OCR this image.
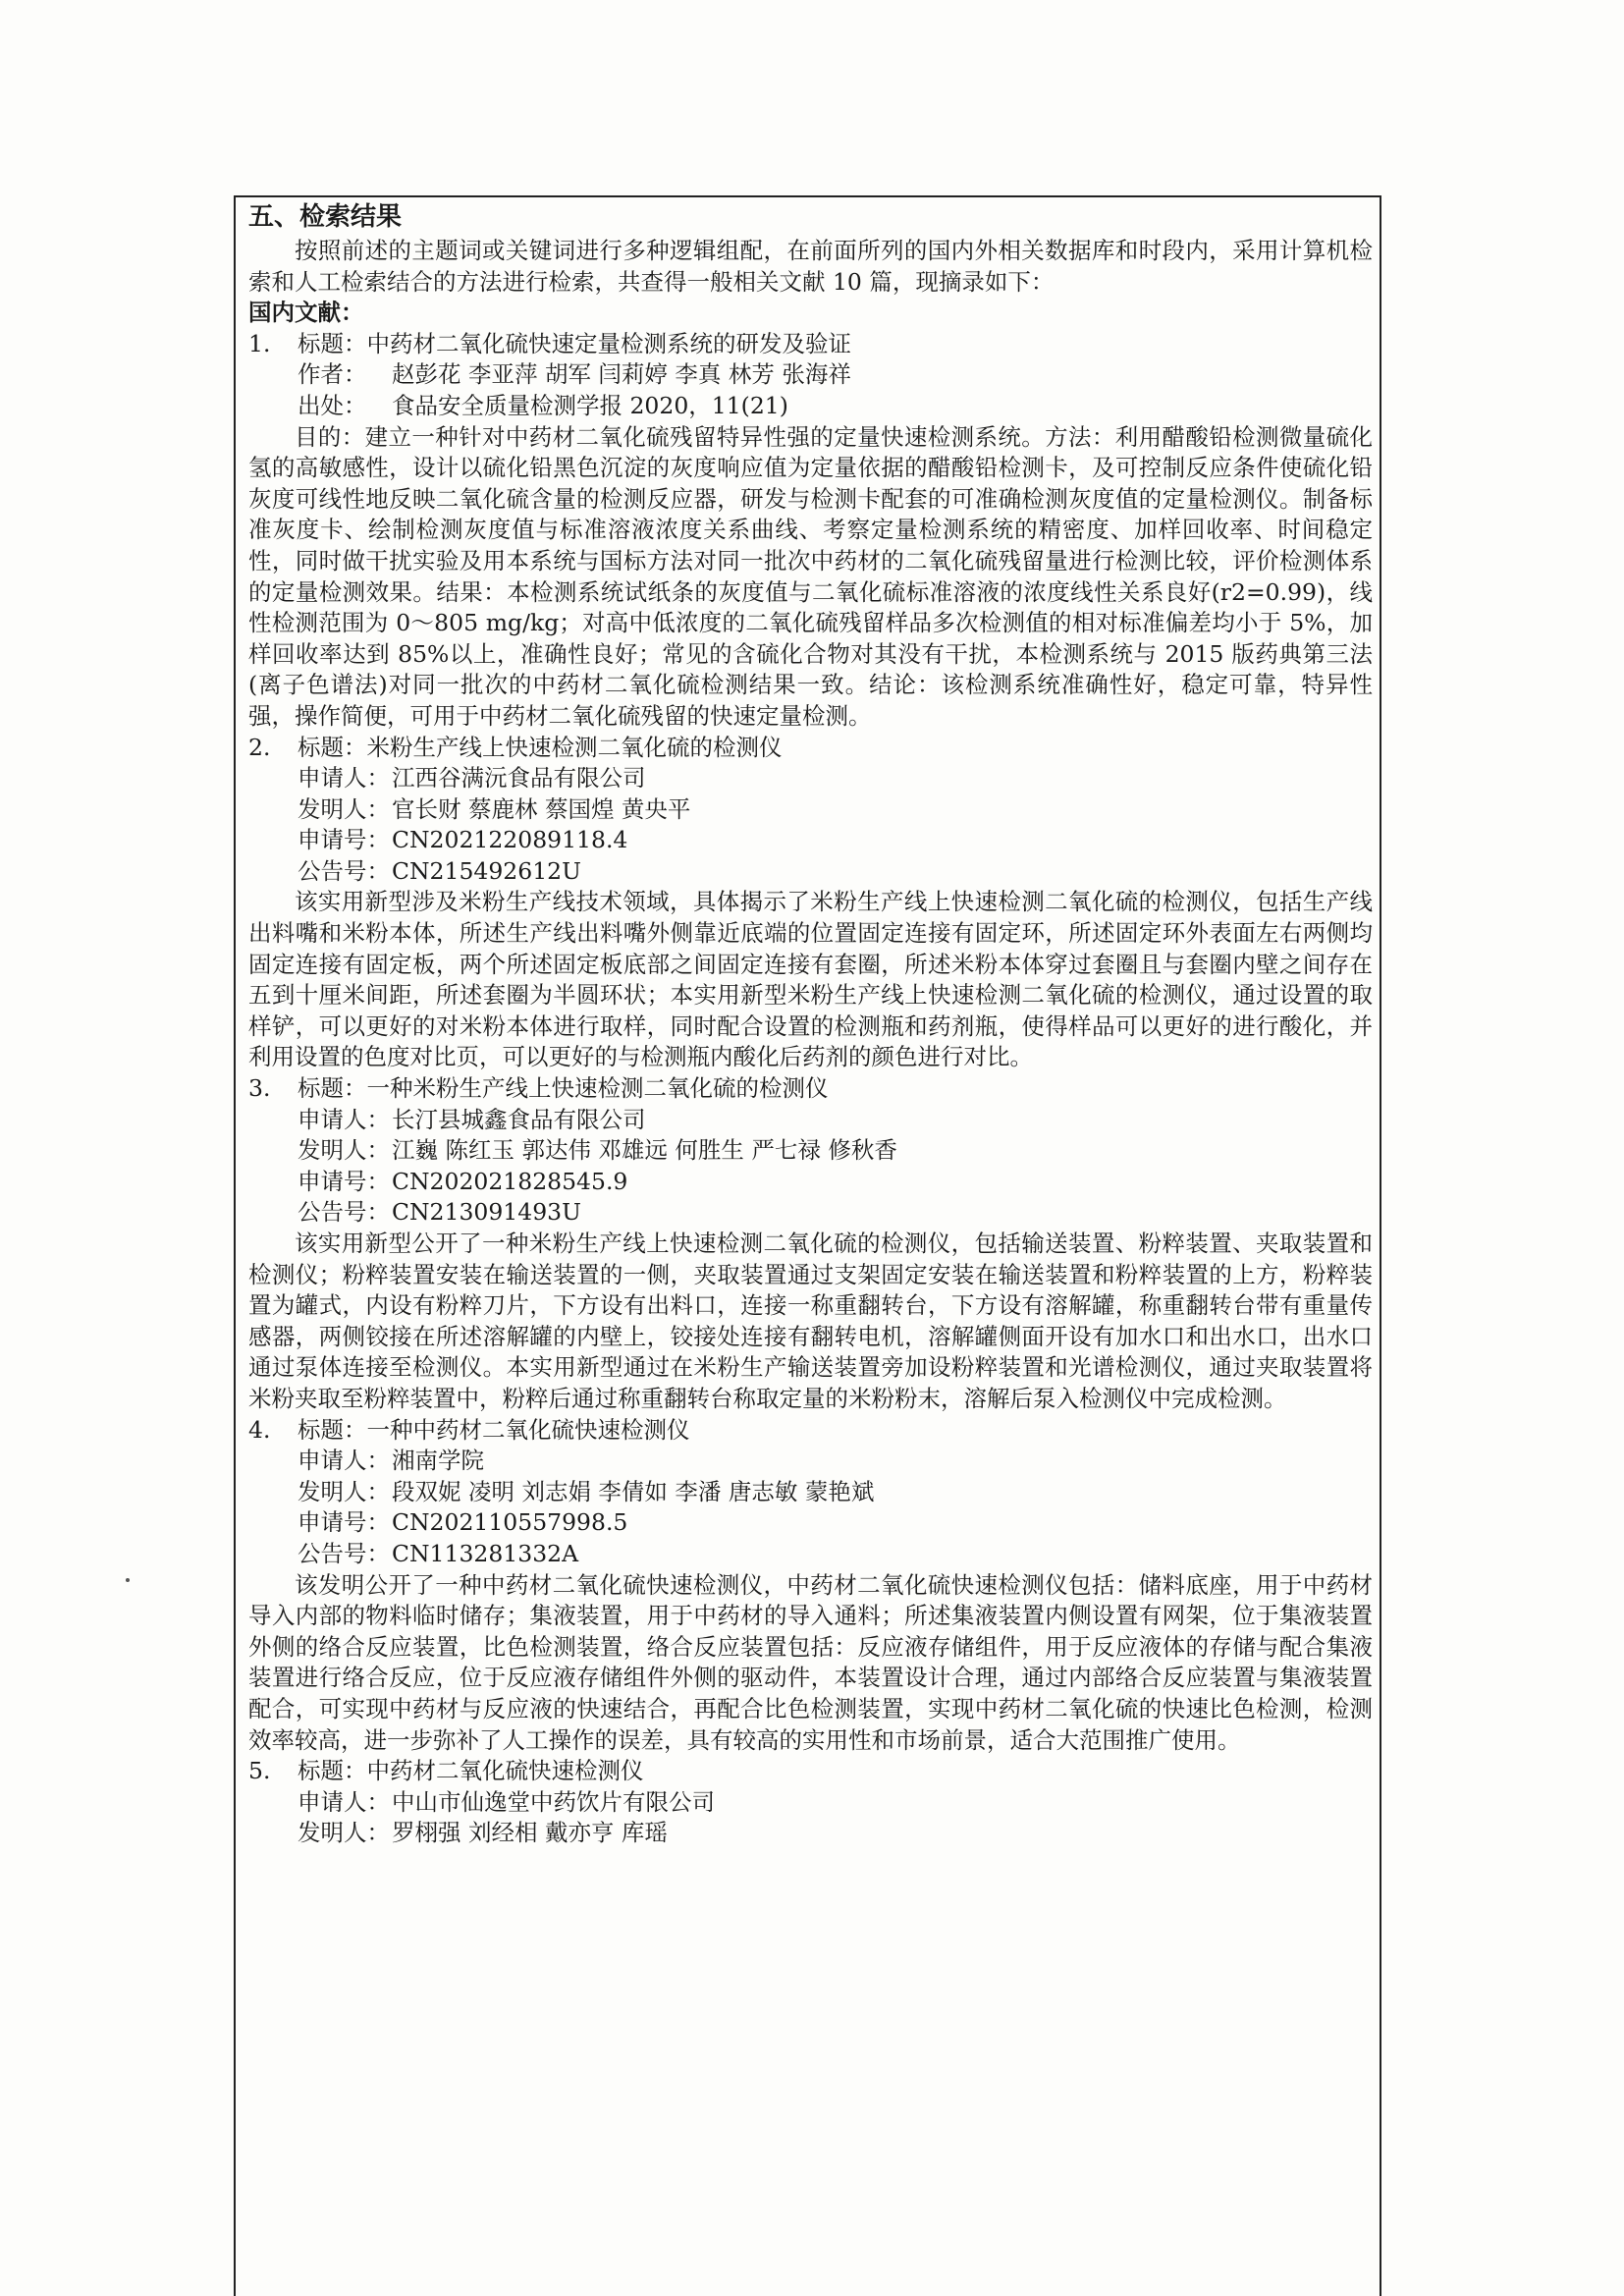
五、检索结果

按照前述的主题词或关键词进行多种逻辑组配，在前面所列的国内外相关数据库和时段内，采用计算机检索和人工检索结合的方法进行检索，共查得一般相关文献 10 篇，现摘录如下：

国内文献：

1. 标题：中药材二氧化硫快速定量检测系统的研发及验证

作者： 赵彭花 李亚萍 胡军 闫莉婷 李真 林芳 张海祥

出处： 食品安全质量检测学报 2020，11(21)

目的：建立一种针对中药材二氧化硫残留特异性强的定量快速检测系统。方法：利用醋酸铅检测微量硫化氢的高敏感性，设计以硫化铅黑色沉淀的灰度响应值为定量依据的醋酸铅检测卡，及可控制反应条件使硫化铅灰度可线性地反映二氧化硫含量的检测反应器，研发与检测卡配套的可准确检测灰度值的定量检测仪。制备标准灰度卡、绘制检测灰度值与标准溶液浓度关系曲线、考察定量检测系统的精密度、加样回收率、时间稳定性，同时做干扰实验及用本系统与国标方法对同一批次中药材的二氧化硫残留量进行检测比较，评价检测体系的定量检测效果。结果：本检测系统试纸条的灰度值与二氧化硫标准溶液的浓度线性关系良好(r2=0.99)，线性检测范围为 0～805 mg/kg；对高中低浓度的二氧化硫残留样品多次检测值的相对标准偏差均小于 5%，加样回收率达到 85%以上，准确性良好；常见的含硫化合物对其没有干扰，本检测系统与 2015 版药典第三法(离子色谱法)对同一批次的中药材二氧化硫检测结果一致。结论：该检测系统准确性好，稳定可靠，特异性强，操作简便，可用于中药材二氧化硫残留的快速定量检测。

2. 标题：米粉生产线上快速检测二氧化硫的检测仪

申请人：江西谷满沅食品有限公司

发明人：官长财 蔡鹿林 蔡国煌 黄央平

申请号：CN202122089118.4

公告号：CN215492612U

该实用新型涉及米粉生产线技术领域，具体揭示了米粉生产线上快速检测二氧化硫的检测仪，包括生产线出料嘴和米粉本体，所述生产线出料嘴外侧靠近底端的位置固定连接有固定环，所述固定环外表面左右两侧均固定连接有固定板，两个所述固定板底部之间固定连接有套圈，所述米粉本体穿过套圈且与套圈内壁之间存在五到十厘米间距，所述套圈为半圆环状；本实用新型米粉生产线上快速检测二氧化硫的检测仪，通过设置的取样铲，可以更好的对米粉本体进行取样，同时配合设置的检测瓶和药剂瓶，使得样品可以更好的进行酸化，并利用设置的色度对比页，可以更好的与检测瓶内酸化后药剂的颜色进行对比。

3. 标题：一种米粉生产线上快速检测二氧化硫的检测仪

申请人：长汀县城鑫食品有限公司

发明人：江巍 陈红玉 郭达伟 邓雄远 何胜生 严七禄 修秋香

申请号：CN202021828545.9

公告号：CN213091493U

该实用新型公开了一种米粉生产线上快速检测二氧化硫的检测仪，包括输送装置、粉粹装置、夹取装置和检测仪；粉粹装置安装在输送装置的一侧，夹取装置通过支架固定安装在输送装置和粉粹装置的上方，粉粹装置为罐式，内设有粉粹刀片，下方设有出料口，连接一称重翻转台，下方设有溶解罐，称重翻转台带有重量传感器，两侧铰接在所述溶解罐的内壁上，铰接处连接有翻转电机，溶解罐侧面开设有加水口和出水口，出水口通过泵体连接至检测仪。本实用新型通过在米粉生产输送装置旁加设粉粹装置和光谱检测仪，通过夹取装置将米粉夹取至粉粹装置中，粉粹后通过称重翻转台称取定量的米粉粉末，溶解后泵入检测仪中完成检测。

4. 标题：一种中药材二氧化硫快速检测仪

申请人：湘南学院

发明人：段双妮 凌明 刘志娟 李倩如 李潘 唐志敏 蒙艳斌

申请号：CN202110557998.5

公告号：CN113281332A

该发明公开了一种中药材二氧化硫快速检测仪，中药材二氧化硫快速检测仪包括：储料底座，用于中药材导入内部的物料临时储存；集液装置，用于中药材的导入通料；所述集液装置内侧设置有网架，位于集液装置外侧的络合反应装置，比色检测装置，络合反应装置包括：反应液存储组件，用于反应液体的存储与配合集液装置进行络合反应，位于反应液存储组件外侧的驱动件，本装置设计合理，通过内部络合反应装置与集液装置配合，可实现中药材与反应液的快速结合，再配合比色检测装置，实现中药材二氧化硫的快速比色检测，检测效率较高，进一步弥补了人工操作的误差，具有较高的实用性和市场前景，适合大范围推广使用。

5. 标题：中药材二氧化硫快速检测仪

申请人：中山市仙逸堂中药饮片有限公司

发明人：罗栩强 刘经相 戴亦亨 库瑶
